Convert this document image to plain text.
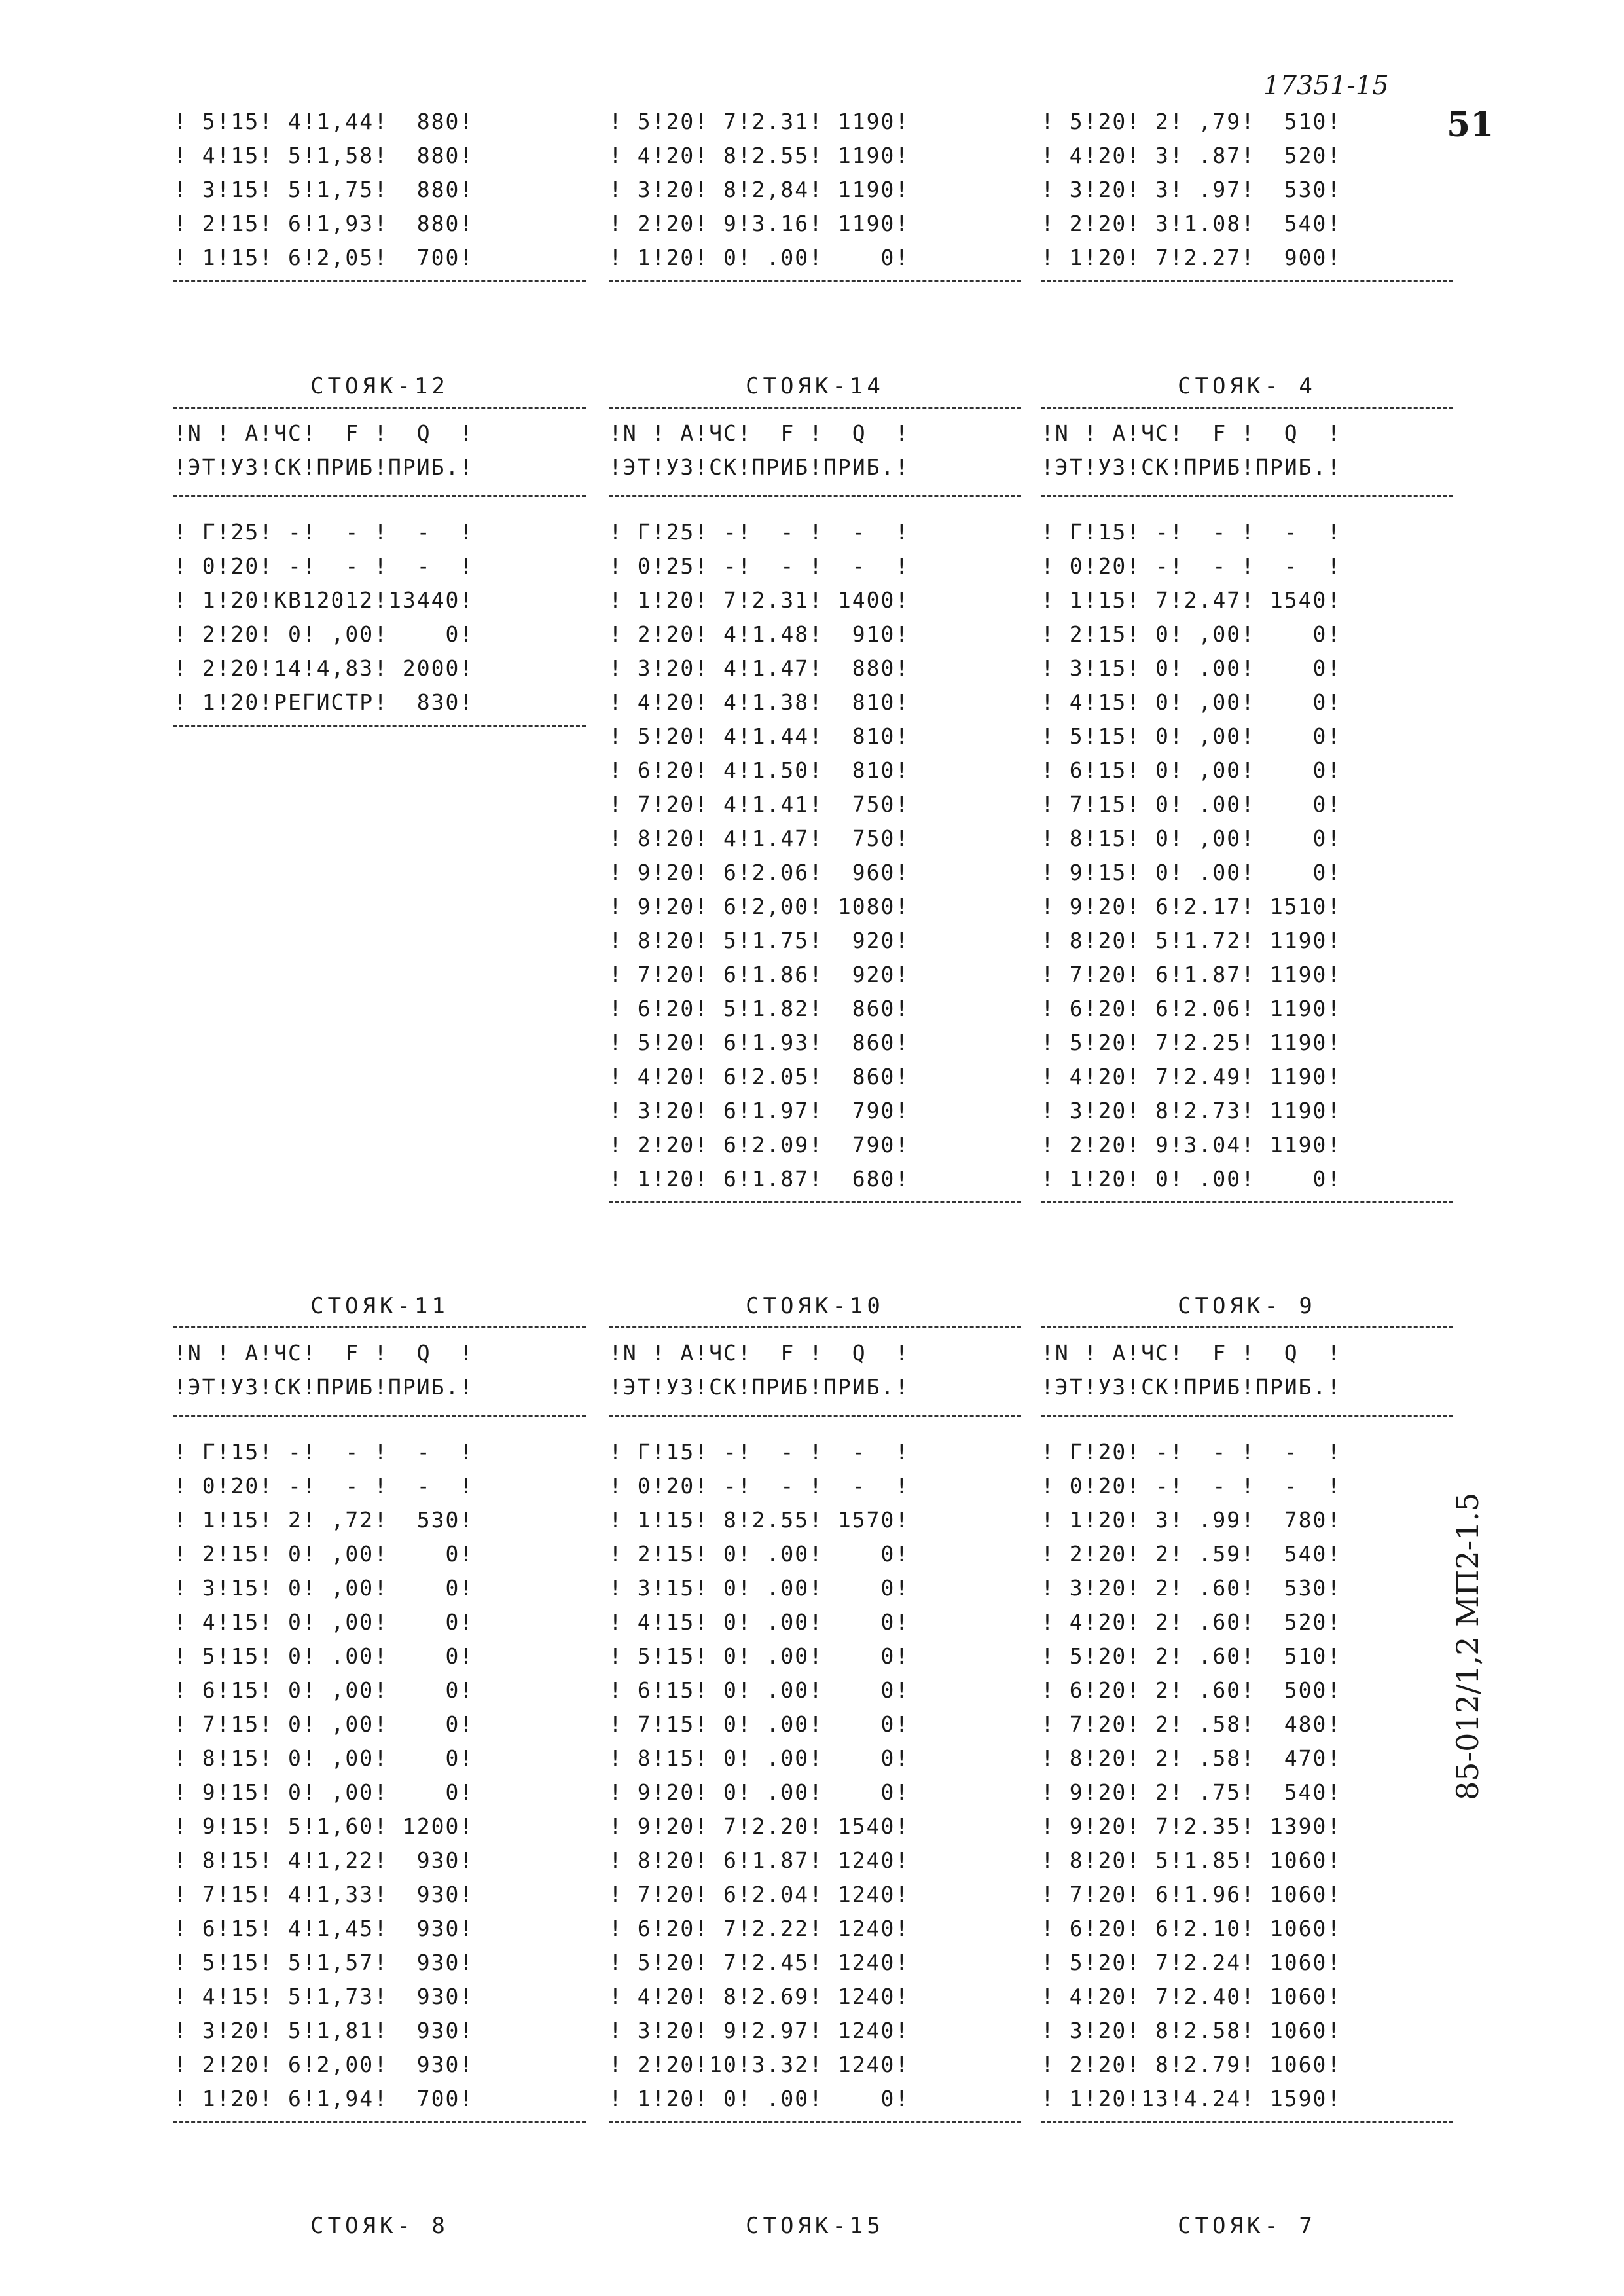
17351-15
51
85-012/1,2 МП2-1.5
! 5!15! 4!1,44!  880!
! 4!15! 5!1,58!  880!
! 3!15! 5!1,75!  880!
! 2!15! 6!1,93!  880!
! 1!15! 6!2,05!  700!
! 5!20! 7!2.31! 1190!
! 4!20! 8!2.55! 1190!
! 3!20! 8!2,84! 1190!
! 2!20! 9!3.16! 1190!
! 1!20! 0! .00!    0!
! 5!20! 2! ,79!  510!
! 4!20! 3! .87!  520!
! 3!20! 3! .97!  530!
! 2!20! 3!1.08!  540!
! 1!20! 7!2.27!  900!
СТОЯК-12
!N ! А!ЧС!  F !  Q  !
!ЭТ!УЗ!СК!ПРИБ!ПРИБ.!
! Г!25! -!  - !  -  !
! 0!20! -!  - !  -  !
! 1!20!КВ12012!13440!
! 2!20! 0! ,00!    0!
! 2!20!14!4,83! 2000!
! 1!20!РЕГИСТР!  830!
СТОЯК-14
!N ! А!ЧС!  F !  Q  !
!ЭТ!УЗ!СК!ПРИБ!ПРИБ.!
! Г!25! -!  - !  -  !
! 0!25! -!  - !  -  !
! 1!20! 7!2.31! 1400!
! 2!20! 4!1.48!  910!
! 3!20! 4!1.47!  880!
! 4!20! 4!1.38!  810!
! 5!20! 4!1.44!  810!
! 6!20! 4!1.50!  810!
! 7!20! 4!1.41!  750!
! 8!20! 4!1.47!  750!
! 9!20! 6!2.06!  960!
! 9!20! 6!2,00! 1080!
! 8!20! 5!1.75!  920!
! 7!20! 6!1.86!  920!
! 6!20! 5!1.82!  860!
! 5!20! 6!1.93!  860!
! 4!20! 6!2.05!  860!
! 3!20! 6!1.97!  790!
! 2!20! 6!2.09!  790!
! 1!20! 6!1.87!  680!
СТОЯК- 4
!N ! А!ЧС!  F !  Q  !
!ЭТ!УЗ!СК!ПРИБ!ПРИБ.!
! Г!15! -!  - !  -  !
! 0!20! -!  - !  -  !
! 1!15! 7!2.47! 1540!
! 2!15! 0! ,00!    0!
! 3!15! 0! .00!    0!
! 4!15! 0! ,00!    0!
! 5!15! 0! ,00!    0!
! 6!15! 0! ,00!    0!
! 7!15! 0! .00!    0!
! 8!15! 0! ,00!    0!
! 9!15! 0! .00!    0!
! 9!20! 6!2.17! 1510!
! 8!20! 5!1.72! 1190!
! 7!20! 6!1.87! 1190!
! 6!20! 6!2.06! 1190!
! 5!20! 7!2.25! 1190!
! 4!20! 7!2.49! 1190!
! 3!20! 8!2.73! 1190!
! 2!20! 9!3.04! 1190!
! 1!20! 0! .00!    0!
СТОЯК-11
!N ! А!ЧС!  F !  Q  !
!ЭТ!УЗ!СК!ПРИБ!ПРИБ.!
! Г!15! -!  - !  -  !
! 0!20! -!  - !  -  !
! 1!15! 2! ,72!  530!
! 2!15! 0! ,00!    0!
! 3!15! 0! ,00!    0!
! 4!15! 0! ,00!    0!
! 5!15! 0! .00!    0!
! 6!15! 0! ,00!    0!
! 7!15! 0! ,00!    0!
! 8!15! 0! ,00!    0!
! 9!15! 0! ,00!    0!
! 9!15! 5!1,60! 1200!
! 8!15! 4!1,22!  930!
! 7!15! 4!1,33!  930!
! 6!15! 4!1,45!  930!
! 5!15! 5!1,57!  930!
! 4!15! 5!1,73!  930!
! 3!20! 5!1,81!  930!
! 2!20! 6!2,00!  930!
! 1!20! 6!1,94!  700!
СТОЯК-10
!N ! А!ЧС!  F !  Q  !
!ЭТ!УЗ!СК!ПРИБ!ПРИБ.!
! Г!15! -!  - !  -  !
! 0!20! -!  - !  -  !
! 1!15! 8!2.55! 1570!
! 2!15! 0! .00!    0!
! 3!15! 0! .00!    0!
! 4!15! 0! .00!    0!
! 5!15! 0! .00!    0!
! 6!15! 0! .00!    0!
! 7!15! 0! .00!    0!
! 8!15! 0! .00!    0!
! 9!20! 0! .00!    0!
! 9!20! 7!2.20! 1540!
! 8!20! 6!1.87! 1240!
! 7!20! 6!2.04! 1240!
! 6!20! 7!2.22! 1240!
! 5!20! 7!2.45! 1240!
! 4!20! 8!2.69! 1240!
! 3!20! 9!2.97! 1240!
! 2!20!10!3.32! 1240!
! 1!20! 0! .00!    0!
СТОЯК- 9
!N ! А!ЧС!  F !  Q  !
!ЭТ!УЗ!СК!ПРИБ!ПРИБ.!
! Г!20! -!  - !  -  !
! 0!20! -!  - !  -  !
! 1!20! 3! .99!  780!
! 2!20! 2! .59!  540!
! 3!20! 2! .60!  530!
! 4!20! 2! .60!  520!
! 5!20! 2! .60!  510!
! 6!20! 2! .60!  500!
! 7!20! 2! .58!  480!
! 8!20! 2! .58!  470!
! 9!20! 2! .75!  540!
! 9!20! 7!2.35! 1390!
! 8!20! 5!1.85! 1060!
! 7!20! 6!1.96! 1060!
! 6!20! 6!2.10! 1060!
! 5!20! 7!2.24! 1060!
! 4!20! 7!2.40! 1060!
! 3!20! 8!2.58! 1060!
! 2!20! 8!2.79! 1060!
! 1!20!13!4.24! 1590!
СТОЯК- 8	СТОЯК-15	СТОЯК- 7
